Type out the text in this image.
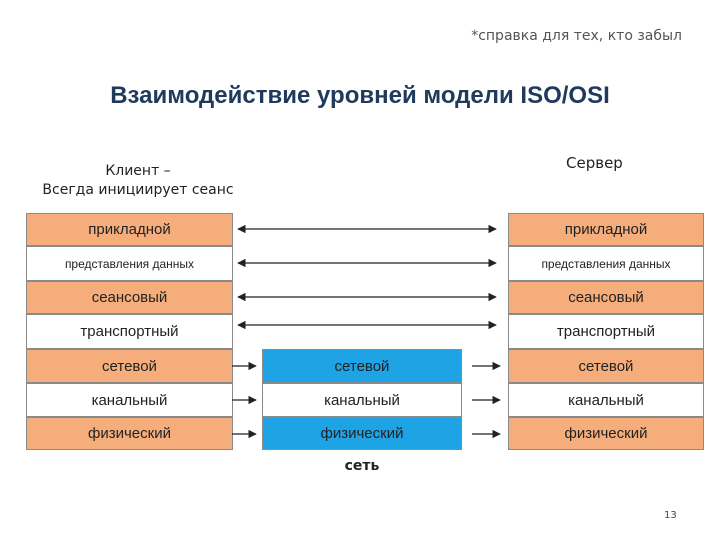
*справка для тех, кто забыл
Взаимодействие уровней модели ISO/OSI
Клиент –
Всегда инициирует сеанс
Сервер
прикладной
представления данных
сеансовый
транспортный
сетевой
канальный
физический
прикладной
представления данных
сеансовый
транспортный
сетевой
канальный
физический
сетевой
канальный
физический
сеть
13
